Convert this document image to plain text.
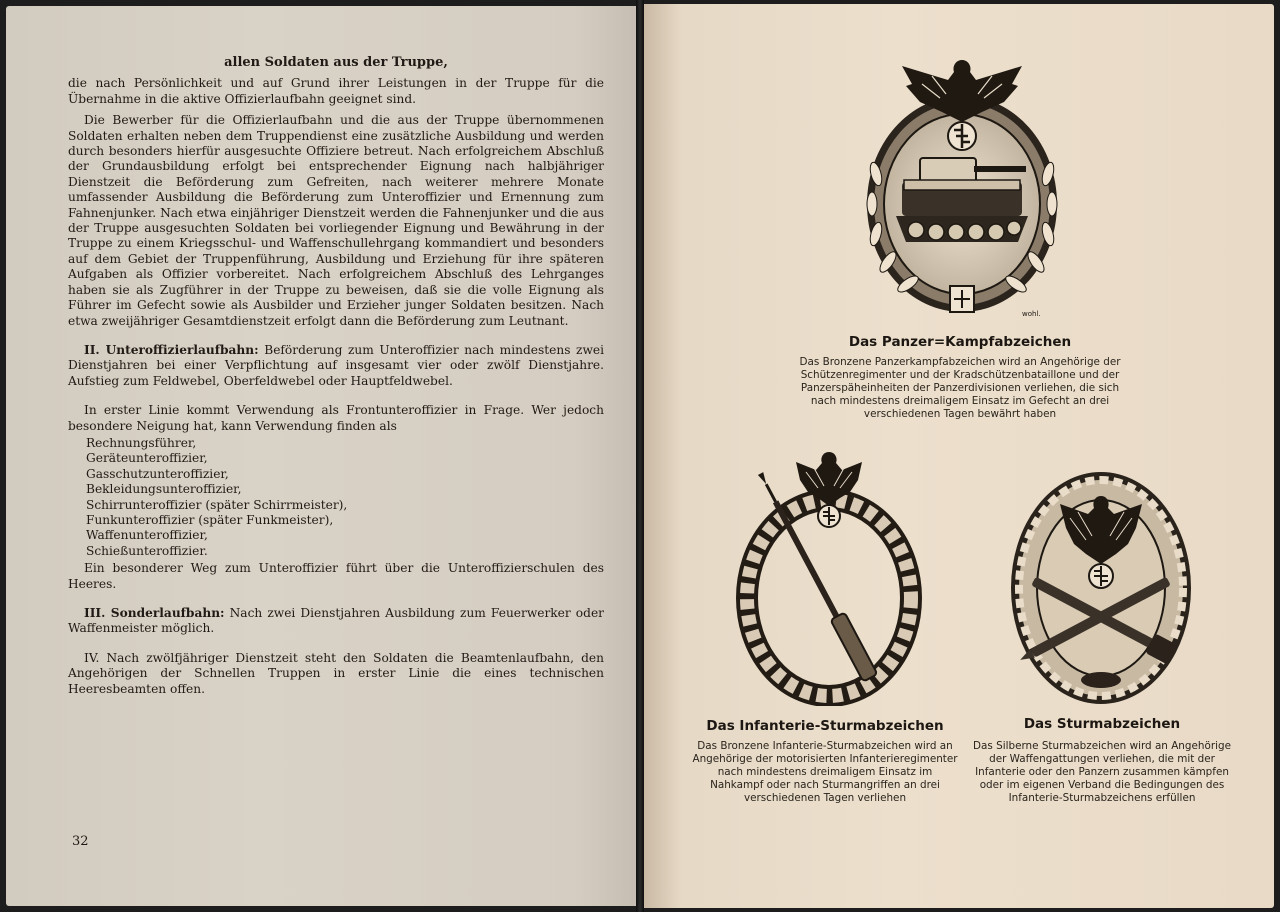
allen Soldaten aus der Truppe,

die nach Persönlichkeit und auf Grund ihrer Leistungen in der Truppe für die Übernahme in die aktive Offizierlaufbahn geeignet sind.

Die Bewerber für die Offizierlaufbahn und die aus der Truppe übernommenen Soldaten erhalten neben dem Truppendienst eine zusätzliche Ausbildung und werden durch besonders hierfür ausgesuchte Offiziere betreut. Nach erfolgreichem Abschluß der Grundausbildung erfolgt bei entsprechender Eignung nach halbjähriger Dienstzeit die Beförderung zum Gefreiten, nach weiterer mehrere Monate umfassender Ausbildung die Beförderung zum Unteroffizier und Ernennung zum Fahnenjunker. Nach etwa einjähriger Dienstzeit werden die Fahnenjunker und die aus der Truppe ausgesuchten Soldaten bei vorliegender Eignung und Bewährung in der Truppe zu einem Kriegsschul- und Waffenschullehrgang kommandiert und besonders auf dem Gebiet der Truppenführung, Ausbildung und Erziehung für ihre späteren Aufgaben als Offizier vorbereitet. Nach erfolgreichem Abschluß des Lehrganges haben sie als Zugführer in der Truppe zu beweisen, daß sie die volle Eignung als Führer im Gefecht sowie als Ausbilder und Erzieher junger Soldaten besitzen. Nach etwa zweijähriger Gesamtdienstzeit erfolgt dann die Beförderung zum Leutnant.

II. Unteroffizierlaufbahn: Beförderung zum Unteroffizier nach mindestens zwei Dienstjahren bei einer Verpflichtung auf insgesamt vier oder zwölf Dienstjahre. Aufstieg zum Feldwebel, Oberfeldwebel oder Hauptfeldwebel.

In erster Linie kommt Verwendung als Frontunteroffizier in Frage. Wer jedoch besondere Neigung hat, kann Verwendung finden als

Rechnungsführer,
Geräteunteroffizier,
Gasschutzunteroffizier,
Bekleidungsunteroffizier,
Schirrunteroffizier (später Schirrmeister),
Funkunteroffizier (später Funkmeister),
Waffenunteroffizier,
Schießunteroffizier.

Ein besonderer Weg zum Unteroffizier führt über die Unteroffizierschulen des Heeres.

III. Sonderlaufbahn: Nach zwei Dienstjahren Ausbildung zum Feuerwerker oder Waffenmeister möglich.

IV. Nach zwölfjähriger Dienstzeit steht den Soldaten die Beamtenlaufbahn, den Angehörigen der Schnellen Truppen in erster Linie die eines technischen Heeresbeamten offen.

32
wohl.
Das Panzer=Kampfabzeichen
Das Bronzene Panzerkampfabzeichen wird an Angehörige der Schützenregimenter und der Kradschützenbataillone und der Panzerspäheinheiten der Panzerdivisionen verliehen, die sich nach mindestens dreimaligem Einsatz im Gefecht an drei verschiedenen Tagen bewährt haben
Das Infanterie-Sturmabzeichen
Das Bronzene Infanterie-Sturmabzeichen wird an Angehörige der motorisierten Infanterieregimenter nach mindestens dreimaligem Einsatz im Nahkampf oder nach Sturmangriffen an drei verschiedenen Tagen verliehen
Das Sturmabzeichen
Das Silberne Sturmabzeichen wird an Angehörige der Waffengattungen verliehen, die mit der Infanterie oder den Panzern zusammen kämpfen oder im eigenen Verband die Bedingungen des Infanterie-Sturmabzeichens erfüllen
